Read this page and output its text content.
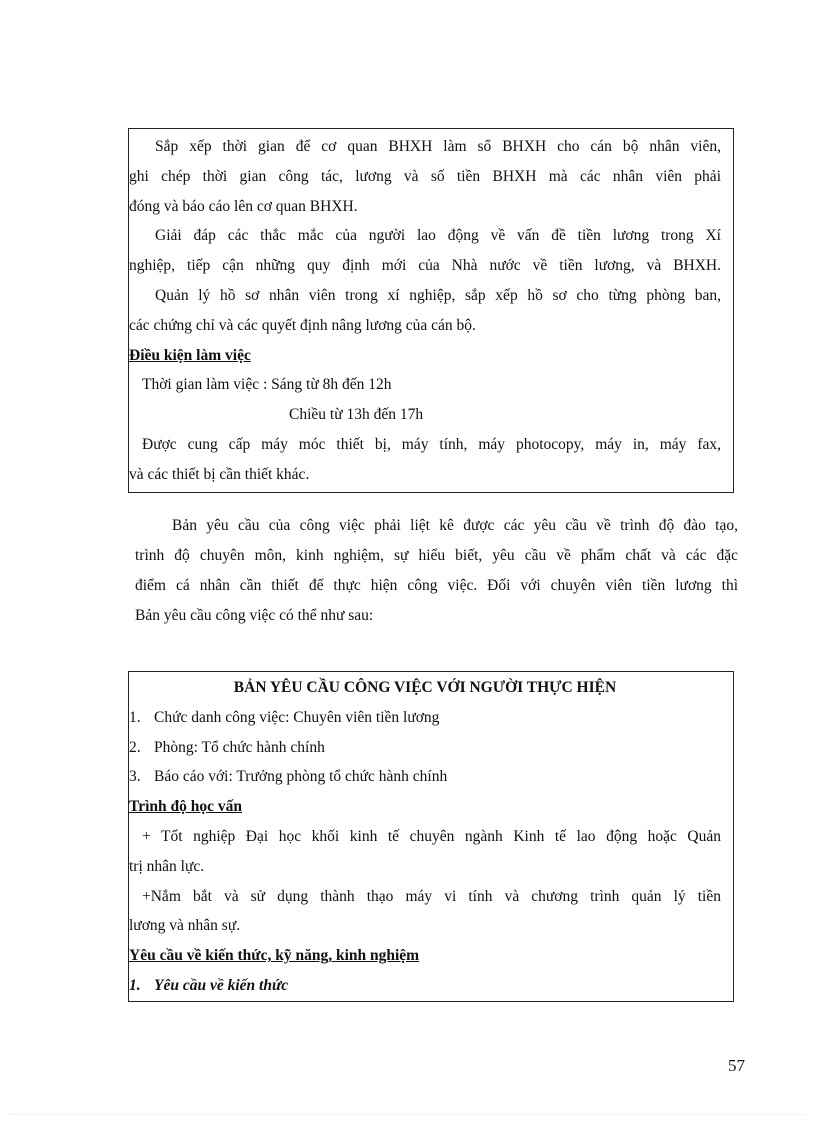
Sắp xếp thời gian để cơ quan BHXH làm sổ BHXH cho cán bộ nhân viên,
ghi chép thời gian công tác, lương và số tiền BHXH mà các nhân viên phải
đóng và báo cáo lên cơ quan BHXH.
Giải đáp các thắc mắc của người lao động về vấn đề tiền lương trong Xí
nghiệp, tiếp cận những quy định mới của Nhà nước về tiền lương, và BHXH.
Quản lý hồ sơ nhân viên trong xí nghiệp, sắp xếp hồ sơ cho từng phòng ban,
các chứng chỉ và các quyết định nâng lương của cán bộ.
Điều kiện làm việc
Thời gian làm việc : Sáng từ 8h đến 12h
Chiều từ 13h đến 17h
Được cung cấp máy móc thiết bị, máy tính, máy photocopy, máy in, máy fax,
và các thiết bị cần thiết khác.
Bản yêu cầu của công việc phải liệt kê được các yêu cầu về trình độ đào tạo,
trình độ chuyên môn, kinh nghiệm, sự hiểu biết, yêu cầu về phẩm chất và các đặc
điểm cá nhân cần thiết để thực hiện công việc. Đối với chuyên viên tiền lương thì
Bản yêu cầu công việc có thể như sau:
BẢN YÊU CẦU CÔNG VIỆC VỚI NGƯỜI THỰC HIỆN
1. Chức danh công việc: Chuyên viên tiền lương
2. Phòng: Tổ chức hành chính
3. Báo cáo với: Trưởng phòng tổ chức hành chính
Trình độ học vấn
+ Tốt nghiệp Đại học khối kinh tế chuyên ngành Kinh tế lao động hoặc Quản
trị nhân lực.
+Nắm bắt và sử dụng thành thạo máy vi tính và chương trình quản lý tiền
lương và nhân sự.
Yêu cầu về kiến thức, kỹ năng, kinh nghiệm
1. Yêu cầu về kiến thức
57
